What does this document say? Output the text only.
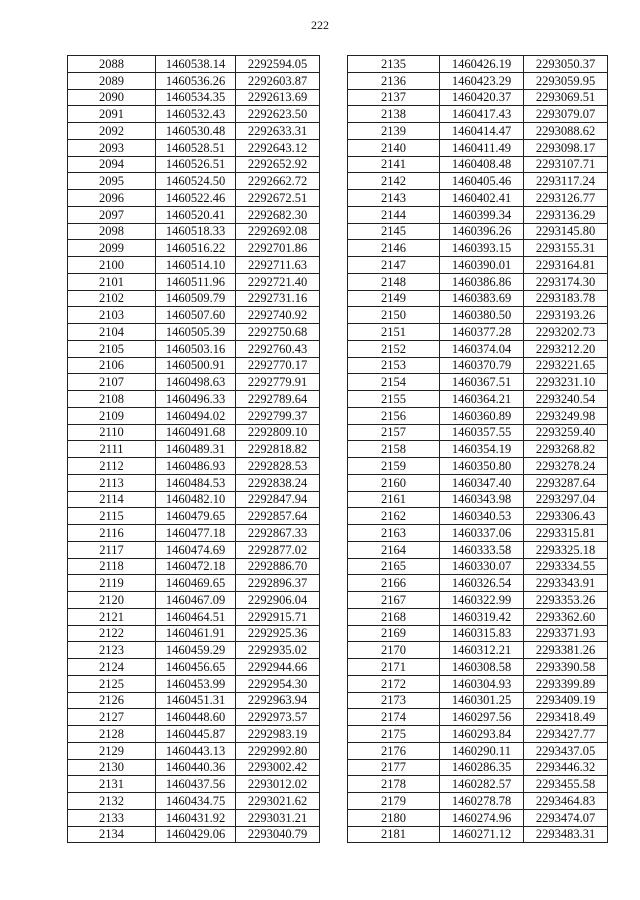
222
2088	1460538.14	2292594.05
2089	1460536.26	2292603.87
2090	1460534.35	2292613.69
2091	1460532.43	2292623.50
2092	1460530.48	2292633.31
2093	1460528.51	2292643.12
2094	1460526.51	2292652.92
2095	1460524.50	2292662.72
2096	1460522.46	2292672.51
2097	1460520.41	2292682.30
2098	1460518.33	2292692.08
2099	1460516.22	2292701.86
2100	1460514.10	2292711.63
2101	1460511.96	2292721.40
2102	1460509.79	2292731.16
2103	1460507.60	2292740.92
2104	1460505.39	2292750.68
2105	1460503.16	2292760.43
2106	1460500.91	2292770.17
2107	1460498.63	2292779.91
2108	1460496.33	2292789.64
2109	1460494.02	2292799.37
2110	1460491.68	2292809.10
2111	1460489.31	2292818.82
2112	1460486.93	2292828.53
2113	1460484.53	2292838.24
2114	1460482.10	2292847.94
2115	1460479.65	2292857.64
2116	1460477.18	2292867.33
2117	1460474.69	2292877.02
2118	1460472.18	2292886.70
2119	1460469.65	2292896.37
2120	1460467.09	2292906.04
2121	1460464.51	2292915.71
2122	1460461.91	2292925.36
2123	1460459.29	2292935.02
2124	1460456.65	2292944.66
2125	1460453.99	2292954.30
2126	1460451.31	2292963.94
2127	1460448.60	2292973.57
2128	1460445.87	2292983.19
2129	1460443.13	2292992.80
2130	1460440.36	2293002.42
2131	1460437.56	2293012.02
2132	1460434.75	2293021.62
2133	1460431.92	2293031.21
2134	1460429.06	2293040.79
2135	1460426.19	2293050.37
2136	1460423.29	2293059.95
2137	1460420.37	2293069.51
2138	1460417.43	2293079.07
2139	1460414.47	2293088.62
2140	1460411.49	2293098.17
2141	1460408.48	2293107.71
2142	1460405.46	2293117.24
2143	1460402.41	2293126.77
2144	1460399.34	2293136.29
2145	1460396.26	2293145.80
2146	1460393.15	2293155.31
2147	1460390.01	2293164.81
2148	1460386.86	2293174.30
2149	1460383.69	2293183.78
2150	1460380.50	2293193.26
2151	1460377.28	2293202.73
2152	1460374.04	2293212.20
2153	1460370.79	2293221.65
2154	1460367.51	2293231.10
2155	1460364.21	2293240.54
2156	1460360.89	2293249.98
2157	1460357.55	2293259.40
2158	1460354.19	2293268.82
2159	1460350.80	2293278.24
2160	1460347.40	2293287.64
2161	1460343.98	2293297.04
2162	1460340.53	2293306.43
2163	1460337.06	2293315.81
2164	1460333.58	2293325.18
2165	1460330.07	2293334.55
2166	1460326.54	2293343.91
2167	1460322.99	2293353.26
2168	1460319.42	2293362.60
2169	1460315.83	2293371.93
2170	1460312.21	2293381.26
2171	1460308.58	2293390.58
2172	1460304.93	2293399.89
2173	1460301.25	2293409.19
2174	1460297.56	2293418.49
2175	1460293.84	2293427.77
2176	1460290.11	2293437.05
2177	1460286.35	2293446.32
2178	1460282.57	2293455.58
2179	1460278.78	2293464.83
2180	1460274.96	2293474.07
2181	1460271.12	2293483.31
